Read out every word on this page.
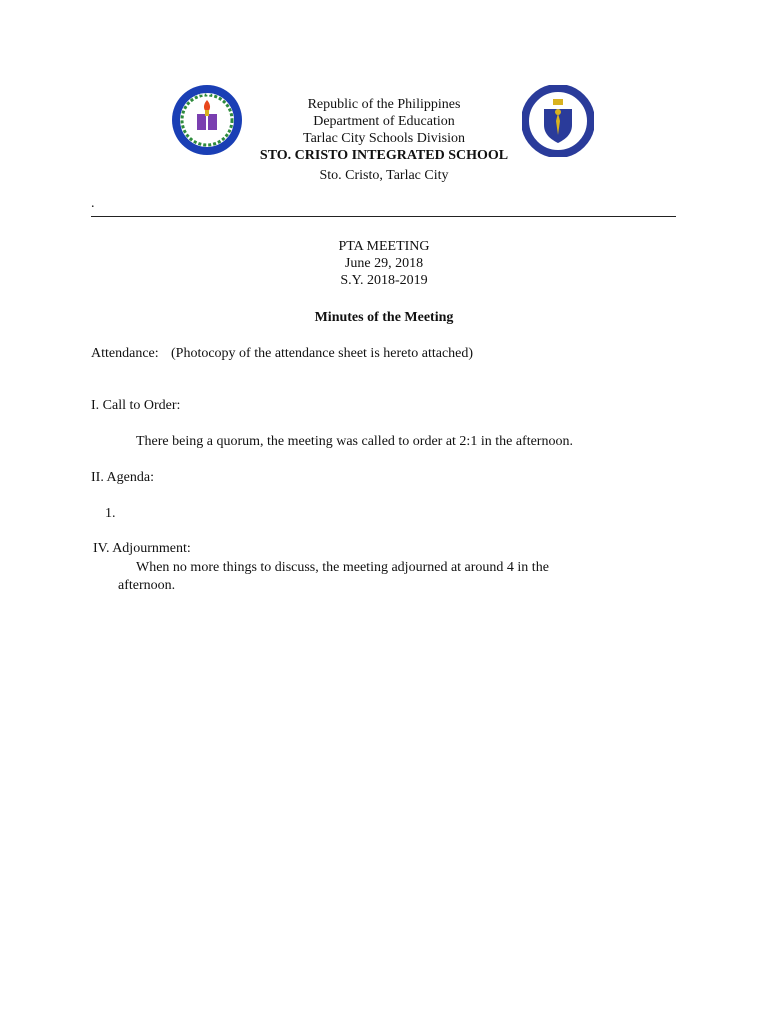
•••••
Republic of the Philippines
Department of Education
Tarlac City Schools Division
STO. CRISTO INTEGRATED SCHOOL
Sto. Cristo, Tarlac City
.
PTA MEETING
June 29, 2018
S.Y. 2018-2019
Minutes of the Meeting
Attendance: (Photocopy of the attendance sheet is hereto attached)
I. Call to Order:
There being a quorum, the meeting was called to order at 2:1 in the afternoon.
II. Agenda:
1.
IV. Adjournment:
When no more things to discuss, the meeting adjourned at around 4 in the
afternoon.
